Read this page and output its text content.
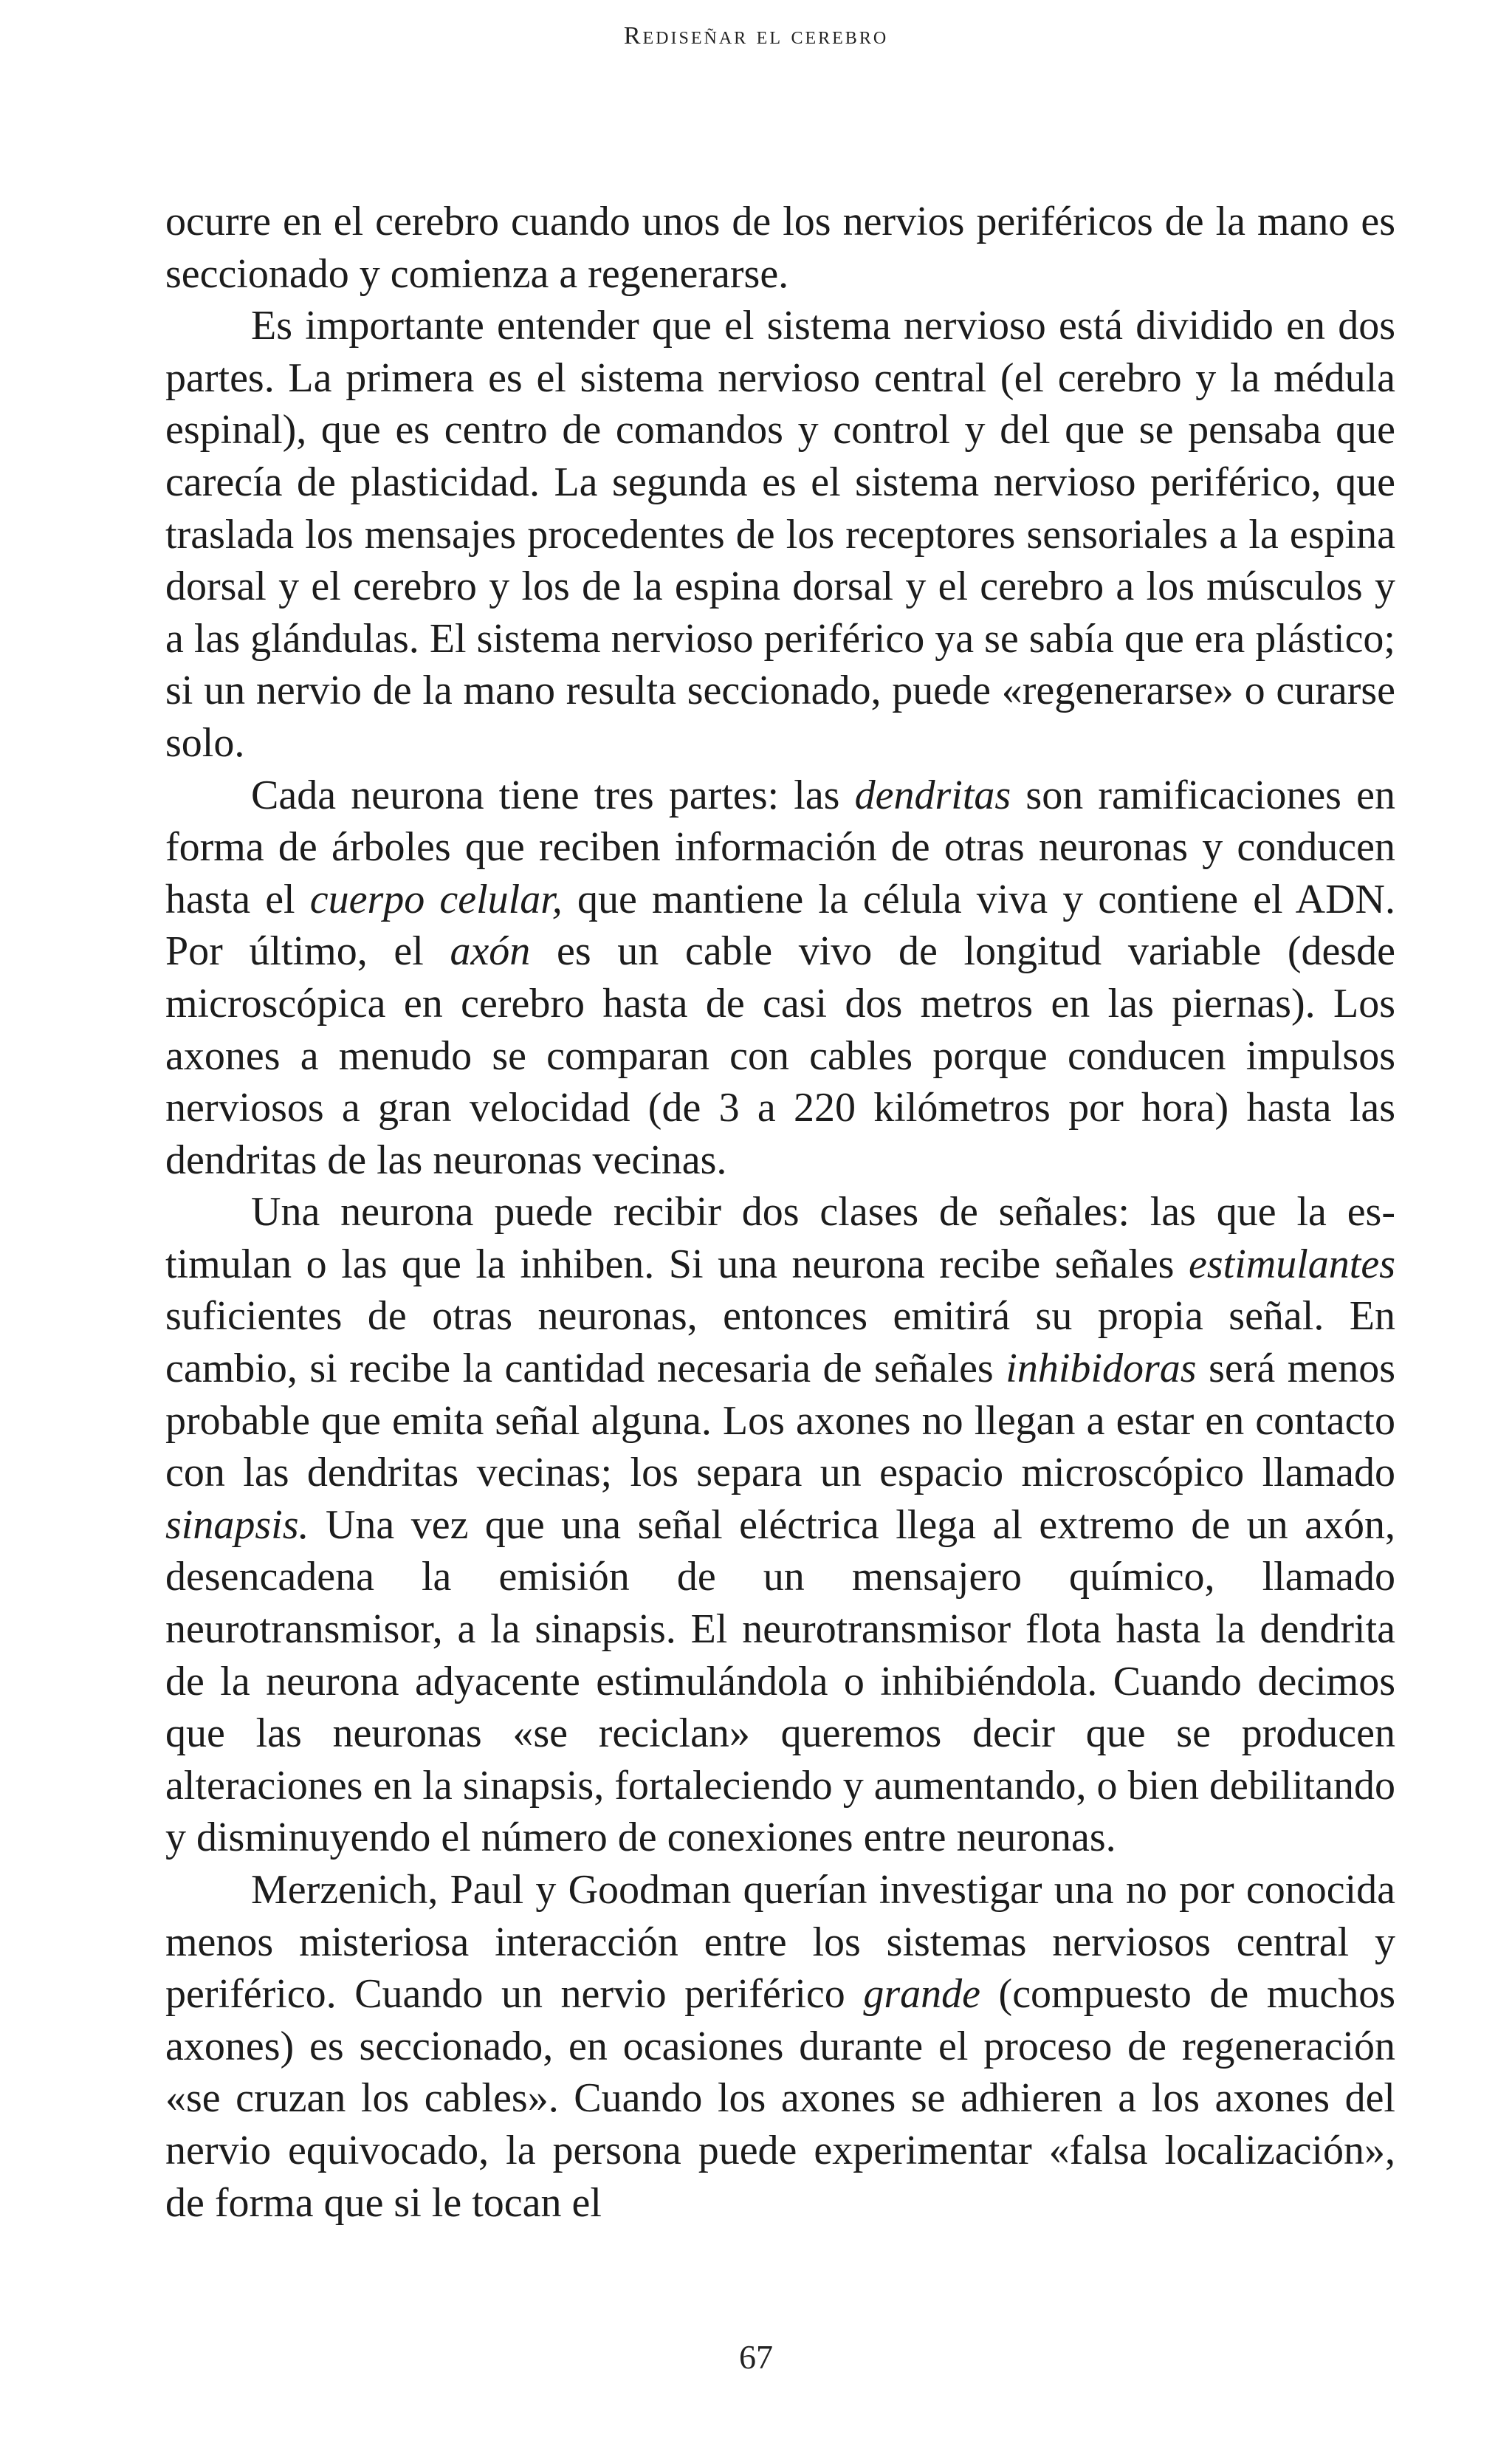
Rediseñar el cerebro

ocurre en el cerebro cuando unos de los nervios periféricos de la mano es seccionado y comienza a regenerarse.

Es importante entender que el sistema nervioso está dividido en dos partes. La primera es el sistema nervioso central (el cerebro y la médula espinal), que es centro de comandos y control y del que se pensaba que carecía de plasticidad. La segunda es el sistema nervioso periférico, que traslada los mensajes procedentes de los receptores sensoriales a la espina dorsal y el cerebro y los de la espina dorsal y el cerebro a los músculos y a las glándulas. El sistema nervioso periférico ya se sabía que era plástico; si un nervio de la mano resulta seccionado, puede «regenerarse» o curarse solo.

Cada neurona tiene tres partes: las dendritas son ramificaciones en forma de árboles que reciben información de otras neuronas y conducen hasta el cuerpo celular, que mantiene la célula viva y contiene el ADN. Por último, el axón es un cable vivo de longitud variable (desde microscópica en cerebro hasta de casi dos metros en las piernas). Los axones a menudo se comparan con cables porque conducen impulsos nerviosos a gran velocidad (de 3 a 220 kilómetros por hora) hasta las dendritas de las neuronas vecinas.

Una neurona puede recibir dos clases de señales: las que la estimulan o las que la inhiben. Si una neurona recibe señales estimulantes suficientes de otras neuronas, entonces emitirá su propia señal. En cambio, si recibe la cantidad necesaria de señales inhibidoras será menos probable que emita señal alguna. Los axones no llegan a estar en contacto con las dendritas vecinas; los separa un espacio microscópico llamado sinapsis. Una vez que una señal eléctrica llega al extremo de un axón, desencadena la emisión de un mensajero químico, llamado neurotransmisor, a la sinapsis. El neurotransmisor flota hasta la dendrita de la neurona adyacente estimulándola o inhibiéndola. Cuando decimos que las neuronas «se reciclan» queremos decir que se producen alteraciones en la sinapsis, fortaleciendo y aumentando, o bien debilitando y disminuyendo el número de conexiones entre neuronas.

Merzenich, Paul y Goodman querían investigar una no por conocida menos misteriosa interacción entre los sistemas nerviosos central y periférico. Cuando un nervio periférico grande (compuesto de muchos axones) es seccionado, en ocasiones durante el proceso de regeneración «se cruzan los cables». Cuando los axones se adhieren a los axones del nervio equivocado, la persona puede experimentar «falsa localización», de forma que si le tocan el

67
